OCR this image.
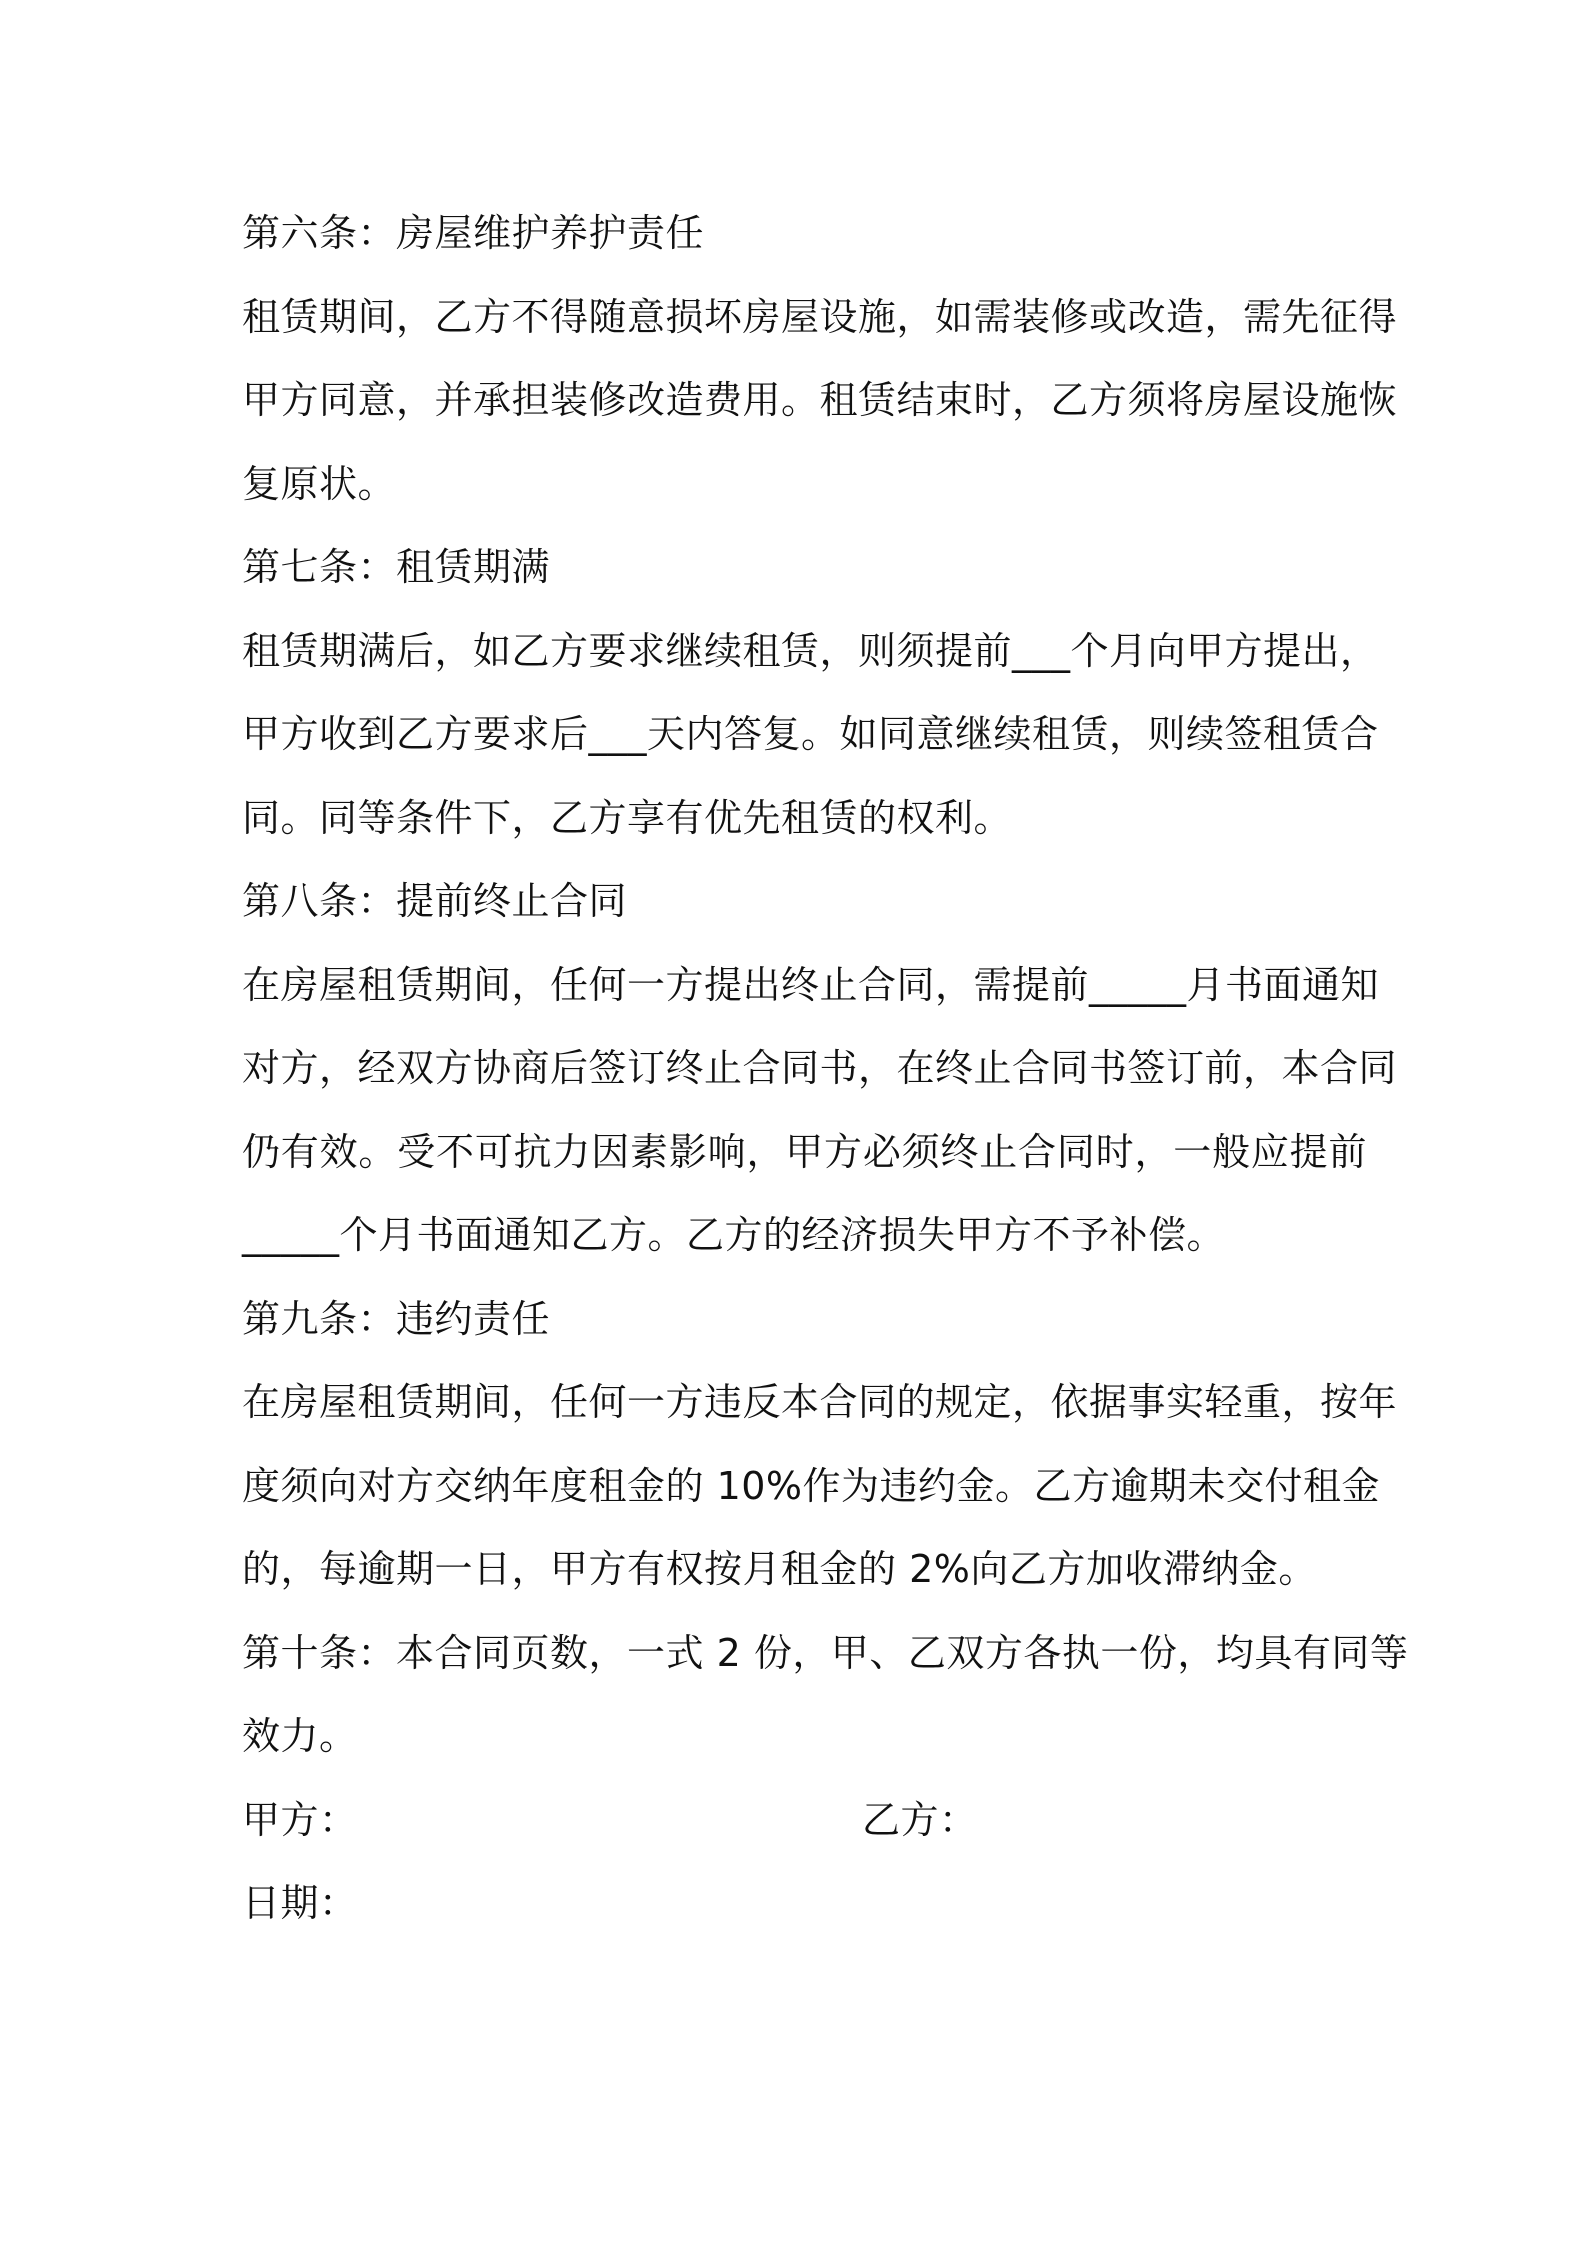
第六条：房屋维护养护责任
租赁期间，乙方不得随意损坏房屋设施，如需装修或改造，需先征得
甲方同意，并承担装修改造费用。租赁结束时，乙方须将房屋设施恢
复原状。
第七条：租赁期满
租赁期满后，如乙方要求继续租赁，则须提前___个月向甲方提出，
甲方收到乙方要求后___天内答复。如同意继续租赁，则续签租赁合
同。同等条件下，乙方享有优先租赁的权利。
第八条：提前终止合同
在房屋租赁期间，任何一方提出终止合同，需提前_____月书面通知
对方，经双方协商后签订终止合同书，在终止合同书签订前，本合同
仍有效。受不可抗力因素影响，甲方必须终止合同时，一般应提前
_____个月书面通知乙方。乙方的经济损失甲方不予补偿。
第九条：违约责任
在房屋租赁期间，任何一方违反本合同的规定，依据事实轻重，按年
度须向对方交纳年度租金的 10%作为违约金。乙方逾期未交付租金
的，每逾期一日，甲方有权按月租金的 2%向乙方加收滞纳金。
第十条：本合同页数，一式 2 份，甲、乙双方各执一份，均具有同等
效力。
甲方：	乙方：
日期：
